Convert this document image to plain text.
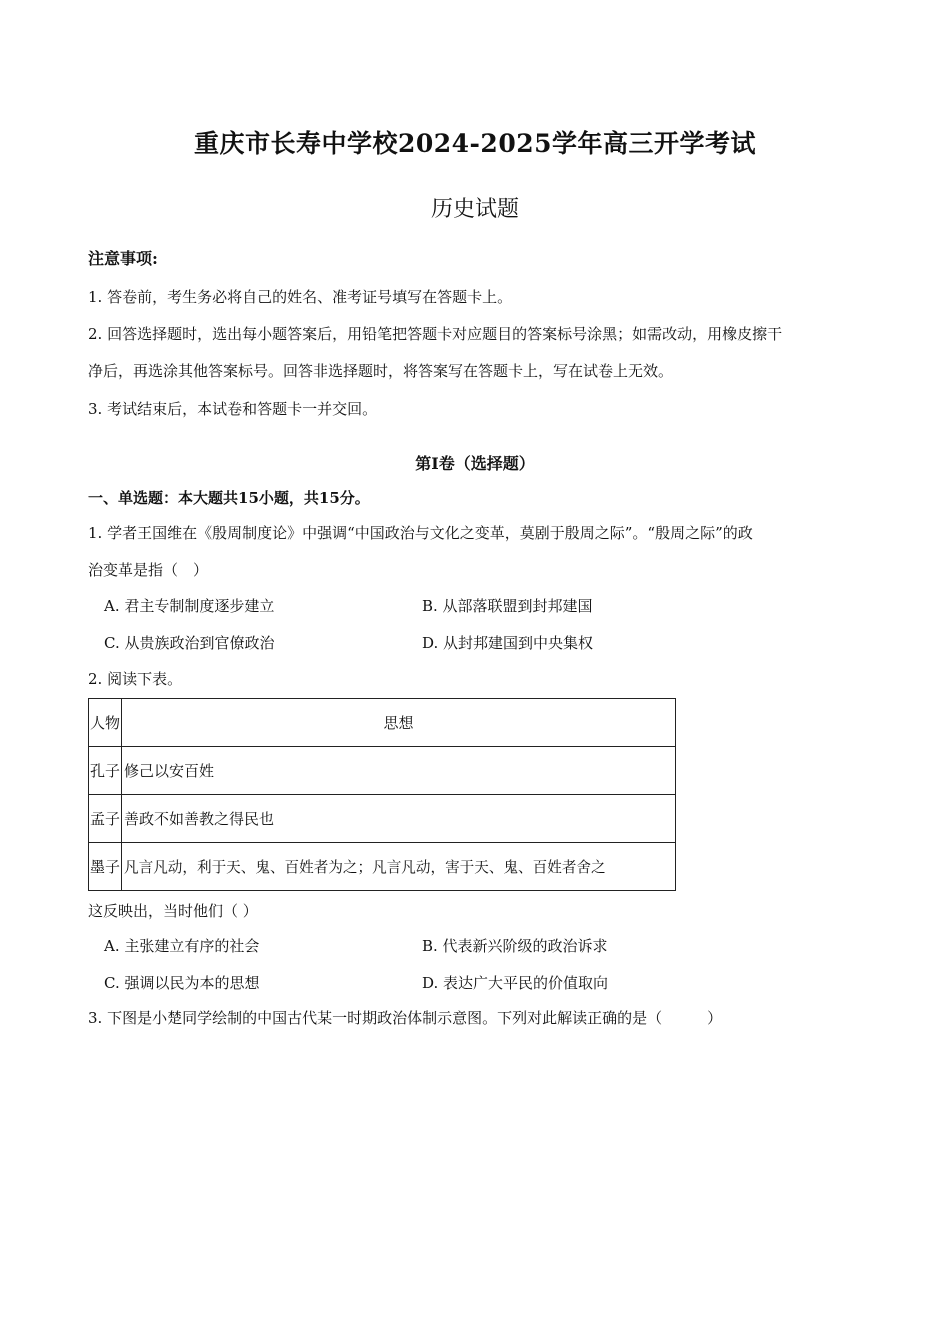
重庆市长寿中学校2024-2025学年高三开学考试
历史试题
注意事项:
1. 答卷前，考生务必将自己的姓名、准考证号填写在答题卡上。
2. 回答选择题时，选出每小题答案后，用铅笔把答题卡对应题目的答案标号涂黑；如需改动，用橡皮擦干
净后，再选涂其他答案标号。回答非选择题时，将答案写在答题卡上，写在试卷上无效。
3. 考试结束后，本试卷和答题卡一并交回。
第I卷（选择题）
一、单选题：本大题共15小题，共15分。
1. 学者王国维在《殷周制度论》中强调“中国政治与文化之变革，莫剧于殷周之际”。“殷周之际”的政
治变革是指（　）
A. 君主专制制度逐步建立	B. 从部落联盟到封邦建国
C. 从贵族政治到官僚政治	D. 从封邦建国到中央集权
2. 阅读下表。
人物	思想
孔子	修己以安百姓
孟子	善政不如善教之得民也
墨子	凡言凡动，利于天、鬼、百姓者为之；凡言凡动，害于天、鬼、百姓者舍之
这反映出，当时他们（ ）
A. 主张建立有序的社会	B. 代表新兴阶级的政治诉求
C. 强调以民为本的思想	D. 表达广大平民的价值取向
3. 下图是小楚同学绘制的中国古代某一时期政治体制示意图。下列对此解读正确的是（　　　）
